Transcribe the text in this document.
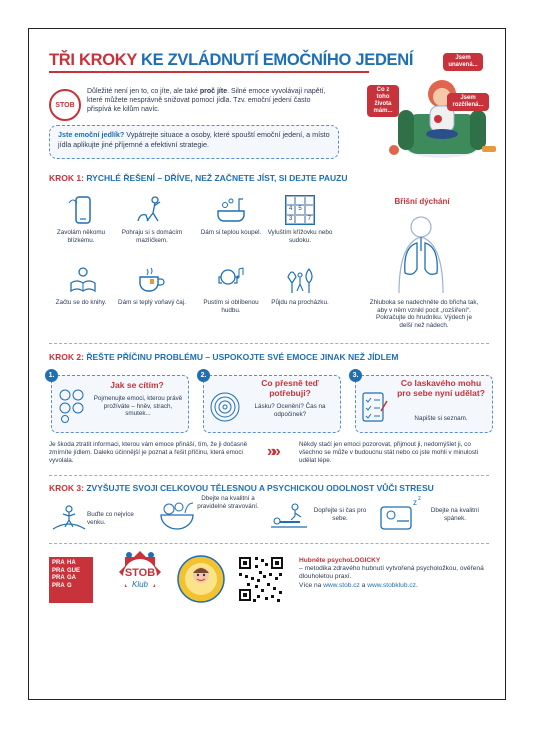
TŘI KROKY KE ZVLÁDNUTÍ EMOČNÍHO JEDENÍ
STOB
Důležité není jen to, co jíte, ale také proč jíte. Silné emoce vyvolávají napětí, které můžete nesprávně snižovat pomocí jídla. Tzv. emoční jedení často přispívá ke kilům navíc.
Co z toho života mám...
Jsem unavená...
Jsem rozčílená...
Jste emoční jedlík? Vypátrejte situace a osoby, které spouští emoční jedení, a místo jídla aplikujte jiné příjemné a efektivní strategie.
KROK 1: RYCHLÉ ŘEŠENÍ – DŘÍVE, NEŽ ZAČNETE JÍST, SI DEJTE PAUZU
Zavolám někomu blízkému.
Pohraju si s domácím mazlíčkem.
Dám si teplou koupel.
4 5
3	7
Vyluštím křížovku nebo sudoku.
Začtu se do knihy.	Dám si teplý voňavý čaj.	Pustím si oblíbenou hudbu.
Půjdu na procházku.
Břišní dýchání
Zhluboka se nadechněte do břicha tak, aby v něm vznikl pocit „rozšíření“. Pokračujte do hrudníku. Výdech je delší než nádech.
KROK 2: ŘEŠTE PŘÍČINU PROBLÉMU – USPOKOJTE SVÉ EMOCE JINAK NEŽ JÍDLEM
1.
Jak se cítím?
Pojmenujte emoci, kterou právě prožíváte – hněv, strach, smutek...
2.
Co přesně teď potřebuji?
Lásku? Ocenění? Čas na odpočinek?
3.
Co laskavého mohu pro sebe nyní udělat?
Napište si seznam.
Je škoda ztratit informaci, kterou vám emoce přináší, tím, že ji dočasně zmírníte jídlem. Daleko účinnější je poznat a řešit příčinu, která emoci vyvolala.
»»	Někdy stačí jen emoci pozorovat, přijmout ji, nedomýšlet ji, co všechno se může v budoucnu stát nebo co jste mohli v minulosti udělat lépe.
KROK 3: ZVYŠUJTE SVOJI CELKOVOU TĚLESNOU A PSYCHICKOU ODOLNOST VŮČI STRESU
Buďte co nejvíce venku.
Dbejte na kvalitní a pravidelné stravování.
Dopřejte si čas pro sebe.
z z
Dbejte na kvalitní spánek.
PRA HA
PRA GUE
PRA GA
PRA G
STOB
Klub
Hubněte psychoLOGICKY
– metodika zdravého hubnutí vytvořená psycholožkou, ověřená dlouholetou praxí.
Více na www.stob.cz a www.stobklub.cz.
